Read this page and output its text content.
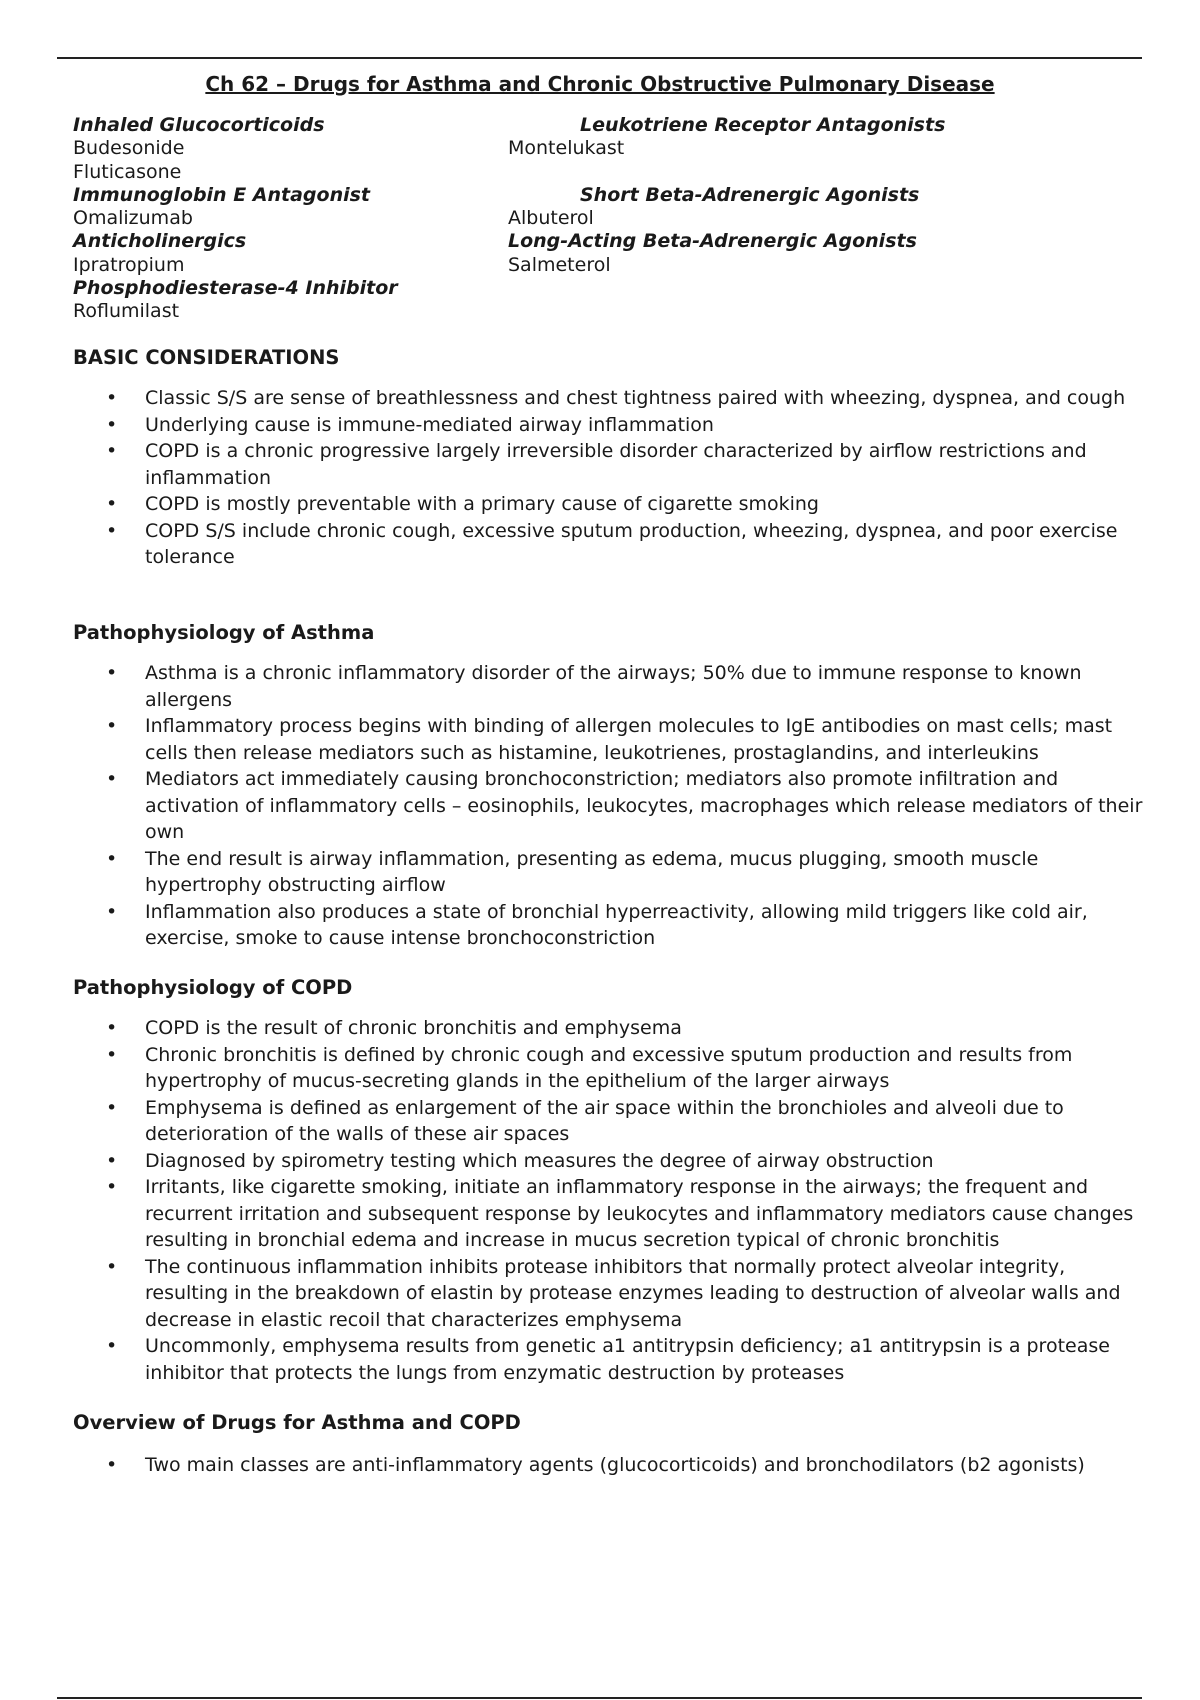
Ch 62 – Drugs for Asthma and Chronic Obstructive Pulmonary Disease
Inhaled Glucocorticoids
Budesonide
Fluticasone
Immunoglobin E Antagonist
Omalizumab
Anticholinergics
Ipratropium
Phosphodiesterase-4 Inhibitor
Roflumilast
Leukotriene Receptor Antagonists
Montelukast
Short Beta-Adrenergic Agonists
Albuterol
Long-Acting Beta-Adrenergic Agonists
Salmeterol
BASIC CONSIDERATIONS
• Classic S/S are sense of breathlessness and chest tightness paired with wheezing, dyspnea, and cough
• Underlying cause is immune-mediated airway inflammation
• COPD is a chronic progressive largely irreversible disorder characterized by airflow restrictions and inflammation
• COPD is mostly preventable with a primary cause of cigarette smoking
• COPD S/S include chronic cough, excessive sputum production, wheezing, dyspnea, and poor exercise tolerance
Pathophysiology of Asthma
• Asthma is a chronic inflammatory disorder of the airways; 50% due to immune response to known allergens
• Inflammatory process begins with binding of allergen molecules to IgE antibodies on mast cells; mast cells then release mediators such as histamine, leukotrienes, prostaglandins, and interleukins
• Mediators act immediately causing bronchoconstriction; mediators also promote infiltration and activation of inflammatory cells – eosinophils, leukocytes, macrophages which release mediators of their own
• The end result is airway inflammation, presenting as edema, mucus plugging, smooth muscle hypertrophy obstructing airflow
• Inflammation also produces a state of bronchial hyperreactivity, allowing mild triggers like cold air, exercise, smoke to cause intense bronchoconstriction
Pathophysiology of COPD
• COPD is the result of chronic bronchitis and emphysema
• Chronic bronchitis is defined by chronic cough and excessive sputum production and results from hypertrophy of mucus-secreting glands in the epithelium of the larger airways
• Emphysema is defined as enlargement of the air space within the bronchioles and alveoli due to deterioration of the walls of these air spaces
• Diagnosed by spirometry testing which measures the degree of airway obstruction
• Irritants, like cigarette smoking, initiate an inflammatory response in the airways; the frequent and recurrent irritation and subsequent response by leukocytes and inflammatory mediators cause changes resulting in bronchial edema and increase in mucus secretion typical of chronic bronchitis
• The continuous inflammation inhibits protease inhibitors that normally protect alveolar integrity, resulting in the breakdown of elastin by protease enzymes leading to destruction of alveolar walls and decrease in elastic recoil that characterizes emphysema
• Uncommonly, emphysema results from genetic a1 antitrypsin deficiency; a1 antitrypsin is a protease inhibitor that protects the lungs from enzymatic destruction by proteases
Overview of Drugs for Asthma and COPD
• Two main classes are anti-inflammatory agents (glucocorticoids) and bronchodilators (b2 agonists)
